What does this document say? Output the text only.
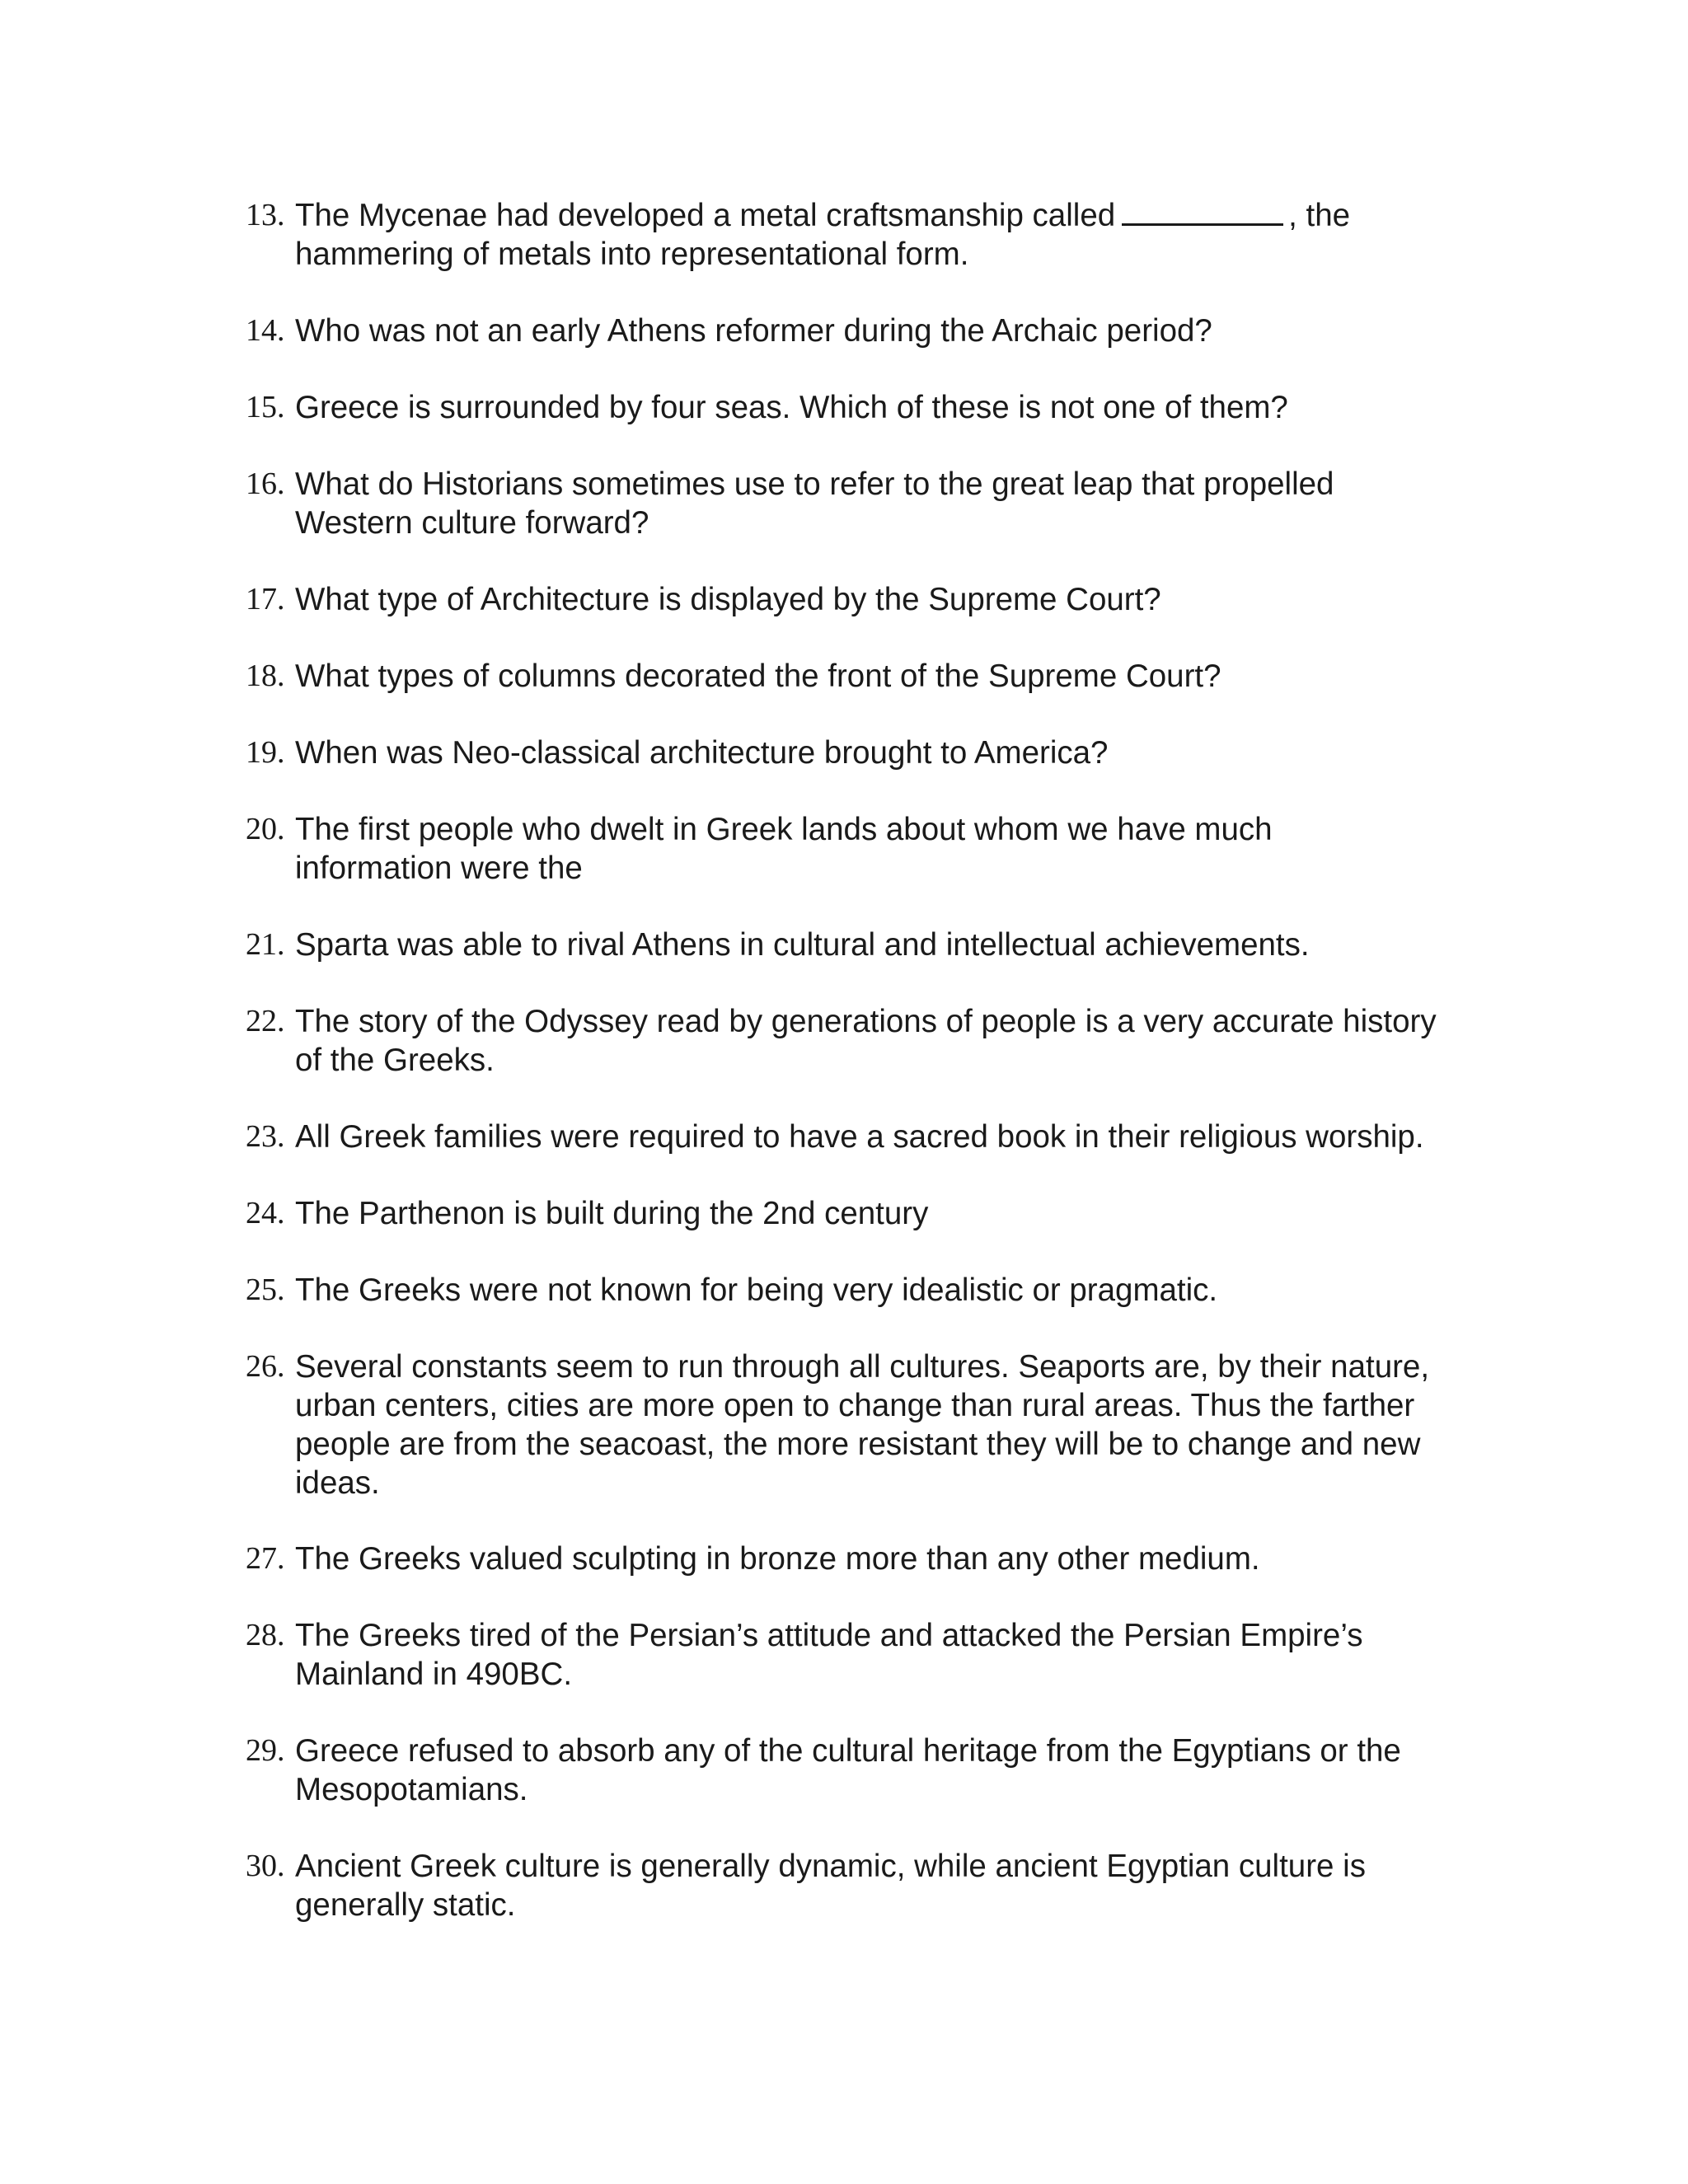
13. The Mycenae had developed a metal craftsmanship called	, the
hammering of metals into representational form.
14. Who was not an early Athens reformer during the Archaic period?
15. Greece is surrounded by four seas. Which of these is not one of them?
16. What do Historians sometimes use to refer to the great leap that propelled
Western culture forward?
17. What type of Architecture is displayed by the Supreme Court?
18. What types of columns decorated the front of the Supreme Court?
19. When was Neo-classical architecture brought to America?
20. The first people who dwelt in Greek lands about whom we have much
information were the
21. Sparta was able to rival Athens in cultural and intellectual achievements.
22. The story of the Odyssey read by generations of people is a very accurate history
of the Greeks.
23. All Greek families were required to have a sacred book in their religious worship.
24. The Parthenon is built during the 2nd century
25. The Greeks were not known for being very idealistic or pragmatic.
26. Several constants seem to run through all cultures. Seaports are, by their nature,
urban centers, cities are more open to change than rural areas. Thus the farther
people are from the seacoast, the more resistant they will be to change and new
ideas.
27. The Greeks valued sculpting in bronze more than any other medium.
28. The Greeks tired of the Persian’s attitude and attacked the Persian Empire’s
Mainland in 490BC.
29. Greece refused to absorb any of the cultural heritage from the Egyptians or the
Mesopotamians.
30. Ancient Greek culture is generally dynamic, while ancient Egyptian culture is
generally static.
